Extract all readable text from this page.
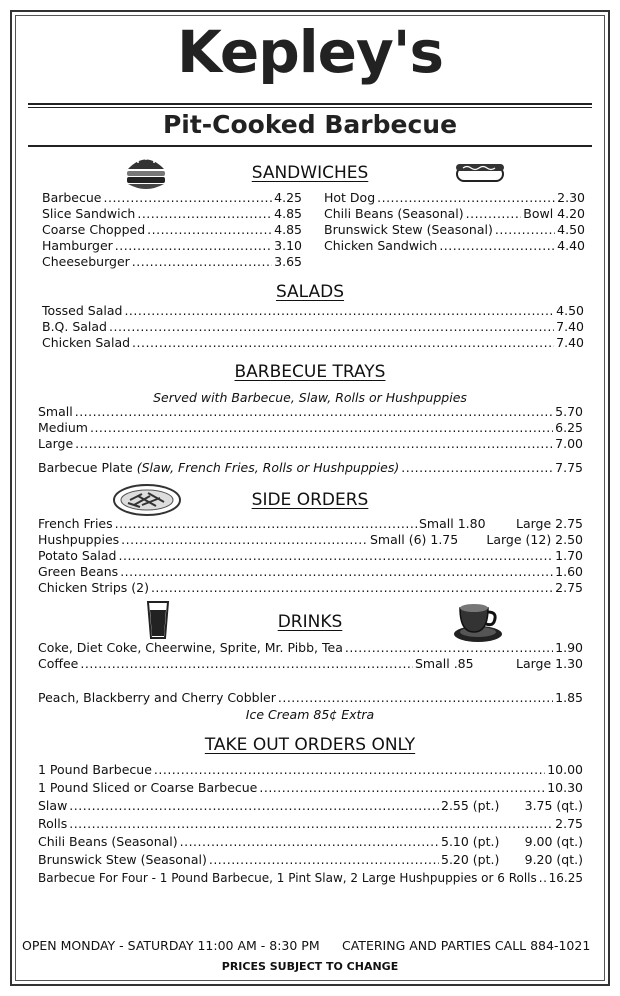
Kepley's
Pit-Cooked Barbecue
SANDWICHES
Barbecue .....	4.25
Slice Sandwich .....	4.85
Coarse Chopped .....	4.85
Hamburger .....	3.10
Cheeseburger .....	3.65
Hot Dog .....	2.30
Chili Beans (Seasonal) .....	Bowl 4.20
Brunswick Stew (Seasonal) .....	4.50
Chicken Sandwich .....	4.40
SALADS
Tossed Salad .....	4.50
B.Q. Salad .....	7.40
Chicken Salad .....	7.40
BARBECUE TRAYS
Served with Barbecue, Slaw, Rolls or Hushpuppies
Small .....	5.70
Medium .....	6.25
Large .....	7.00
Barbecue Plate (Slaw, French Fries, Rolls or Hushpuppies) .....	7.75
SIDE ORDERS
French Fries .....	Small 1.80	Large 2.75
Hushpuppies .....	Small (6) 1.75	Large (12) 2.50
Potato Salad .....	1.70
Green Beans .....	1.60
Chicken Strips (2) .....	2.75
DRINKS
Coke, Diet Coke, Cheerwine, Sprite, Mr. Pibb, Tea .....	1.90
Coffee .....	Small .85	Large 1.30
Peach, Blackberry and Cherry Cobbler .....	1.85
Ice Cream 85¢ Extra
TAKE OUT ORDERS ONLY
1 Pound Barbecue .....	10.00
1 Pound Sliced or Coarse Barbecue .....	10.30
Slaw .....	2.55 (pt.)	3.75 (qt.)
Rolls .....	2.75
Chili Beans (Seasonal) .....	5.10 (pt.)	9.00 (qt.)
Brunswick Stew (Seasonal) .....	5.20 (pt.)	9.20 (qt.)
Barbecue For Four - 1 Pound Barbecue, 1 Pint Slaw, 2 Large Hushpuppies or 6 Rolls ..... 16.25
OPEN MONDAY - SATURDAY 11:00 AM - 8:30 PM CATERING AND PARTIES CALL 884-1021
PRICES SUBJECT TO CHANGE
